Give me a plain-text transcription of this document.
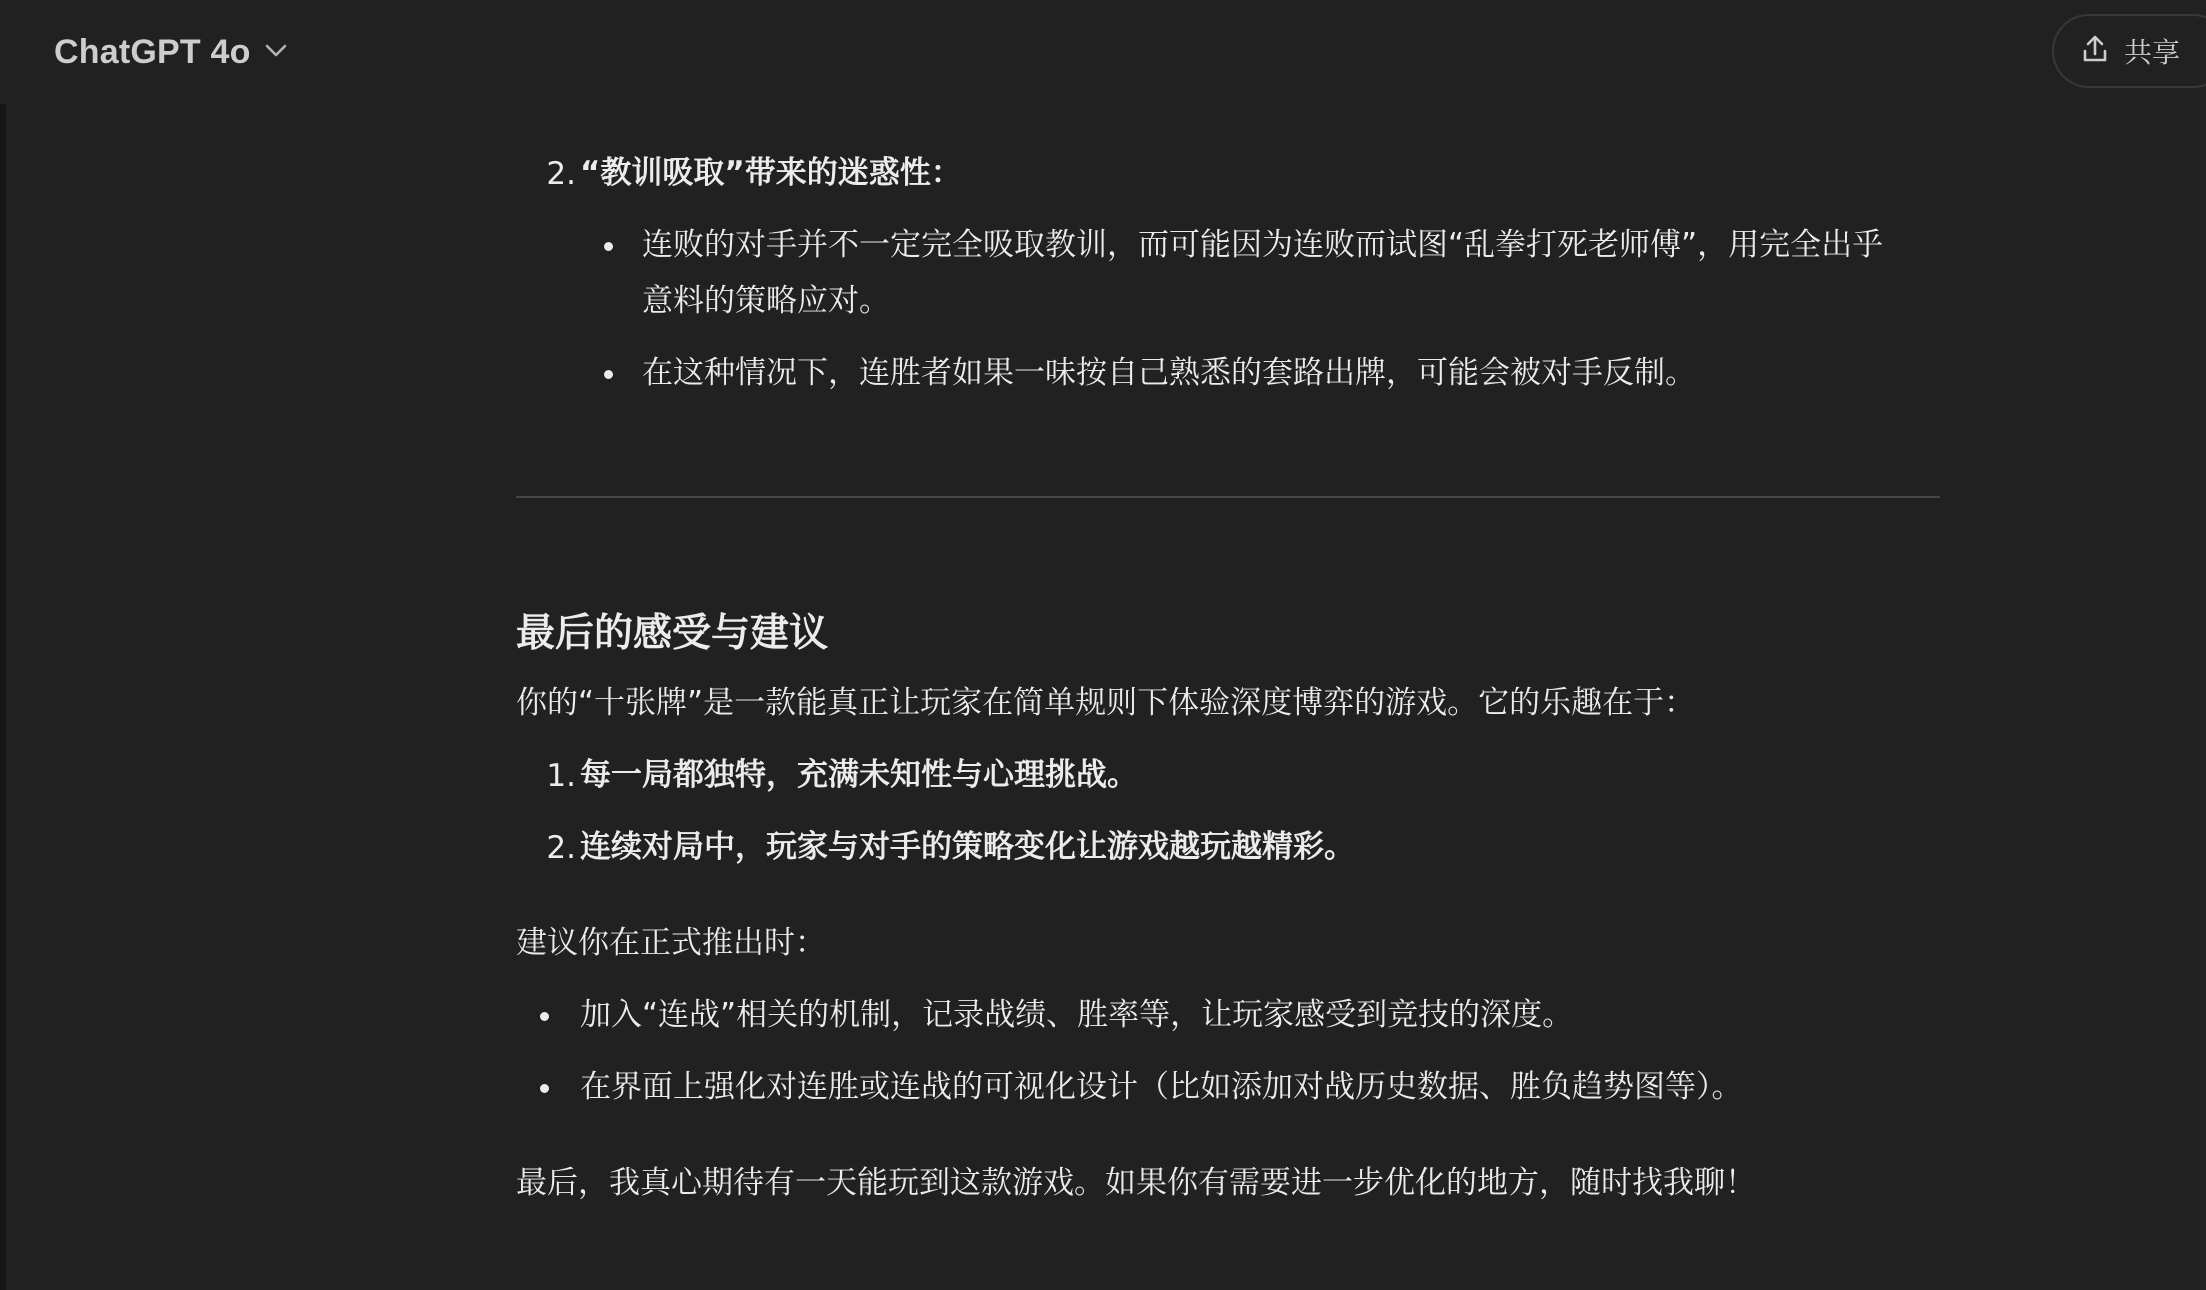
ChatGPT 4o	共享
2. “教训吸取”带来的迷惑性：
连败的对手并不一定完全吸取教训，而可能因为连败而试图“乱拳打死老师傅”，用完全出乎
意料的策略应对。
在这种情况下，连胜者如果一味按自己熟悉的套路出牌，可能会被对手反制。
最后的感受与建议
你的“十张牌”是一款能真正让玩家在简单规则下体验深度博弈的游戏。它的乐趣在于：
1. 每一局都独特，充满未知性与心理挑战。
2. 连续对局中，玩家与对手的策略变化让游戏越玩越精彩。
建议你在正式推出时：
加入“连战”相关的机制，记录战绩、胜率等，让玩家感受到竞技的深度。
在界面上强化对连胜或连战的可视化设计（比如添加对战历史数据、胜负趋势图等）。
最后，我真心期待有一天能玩到这款游戏。如果你有需要进一步优化的地方，随时找我聊！
